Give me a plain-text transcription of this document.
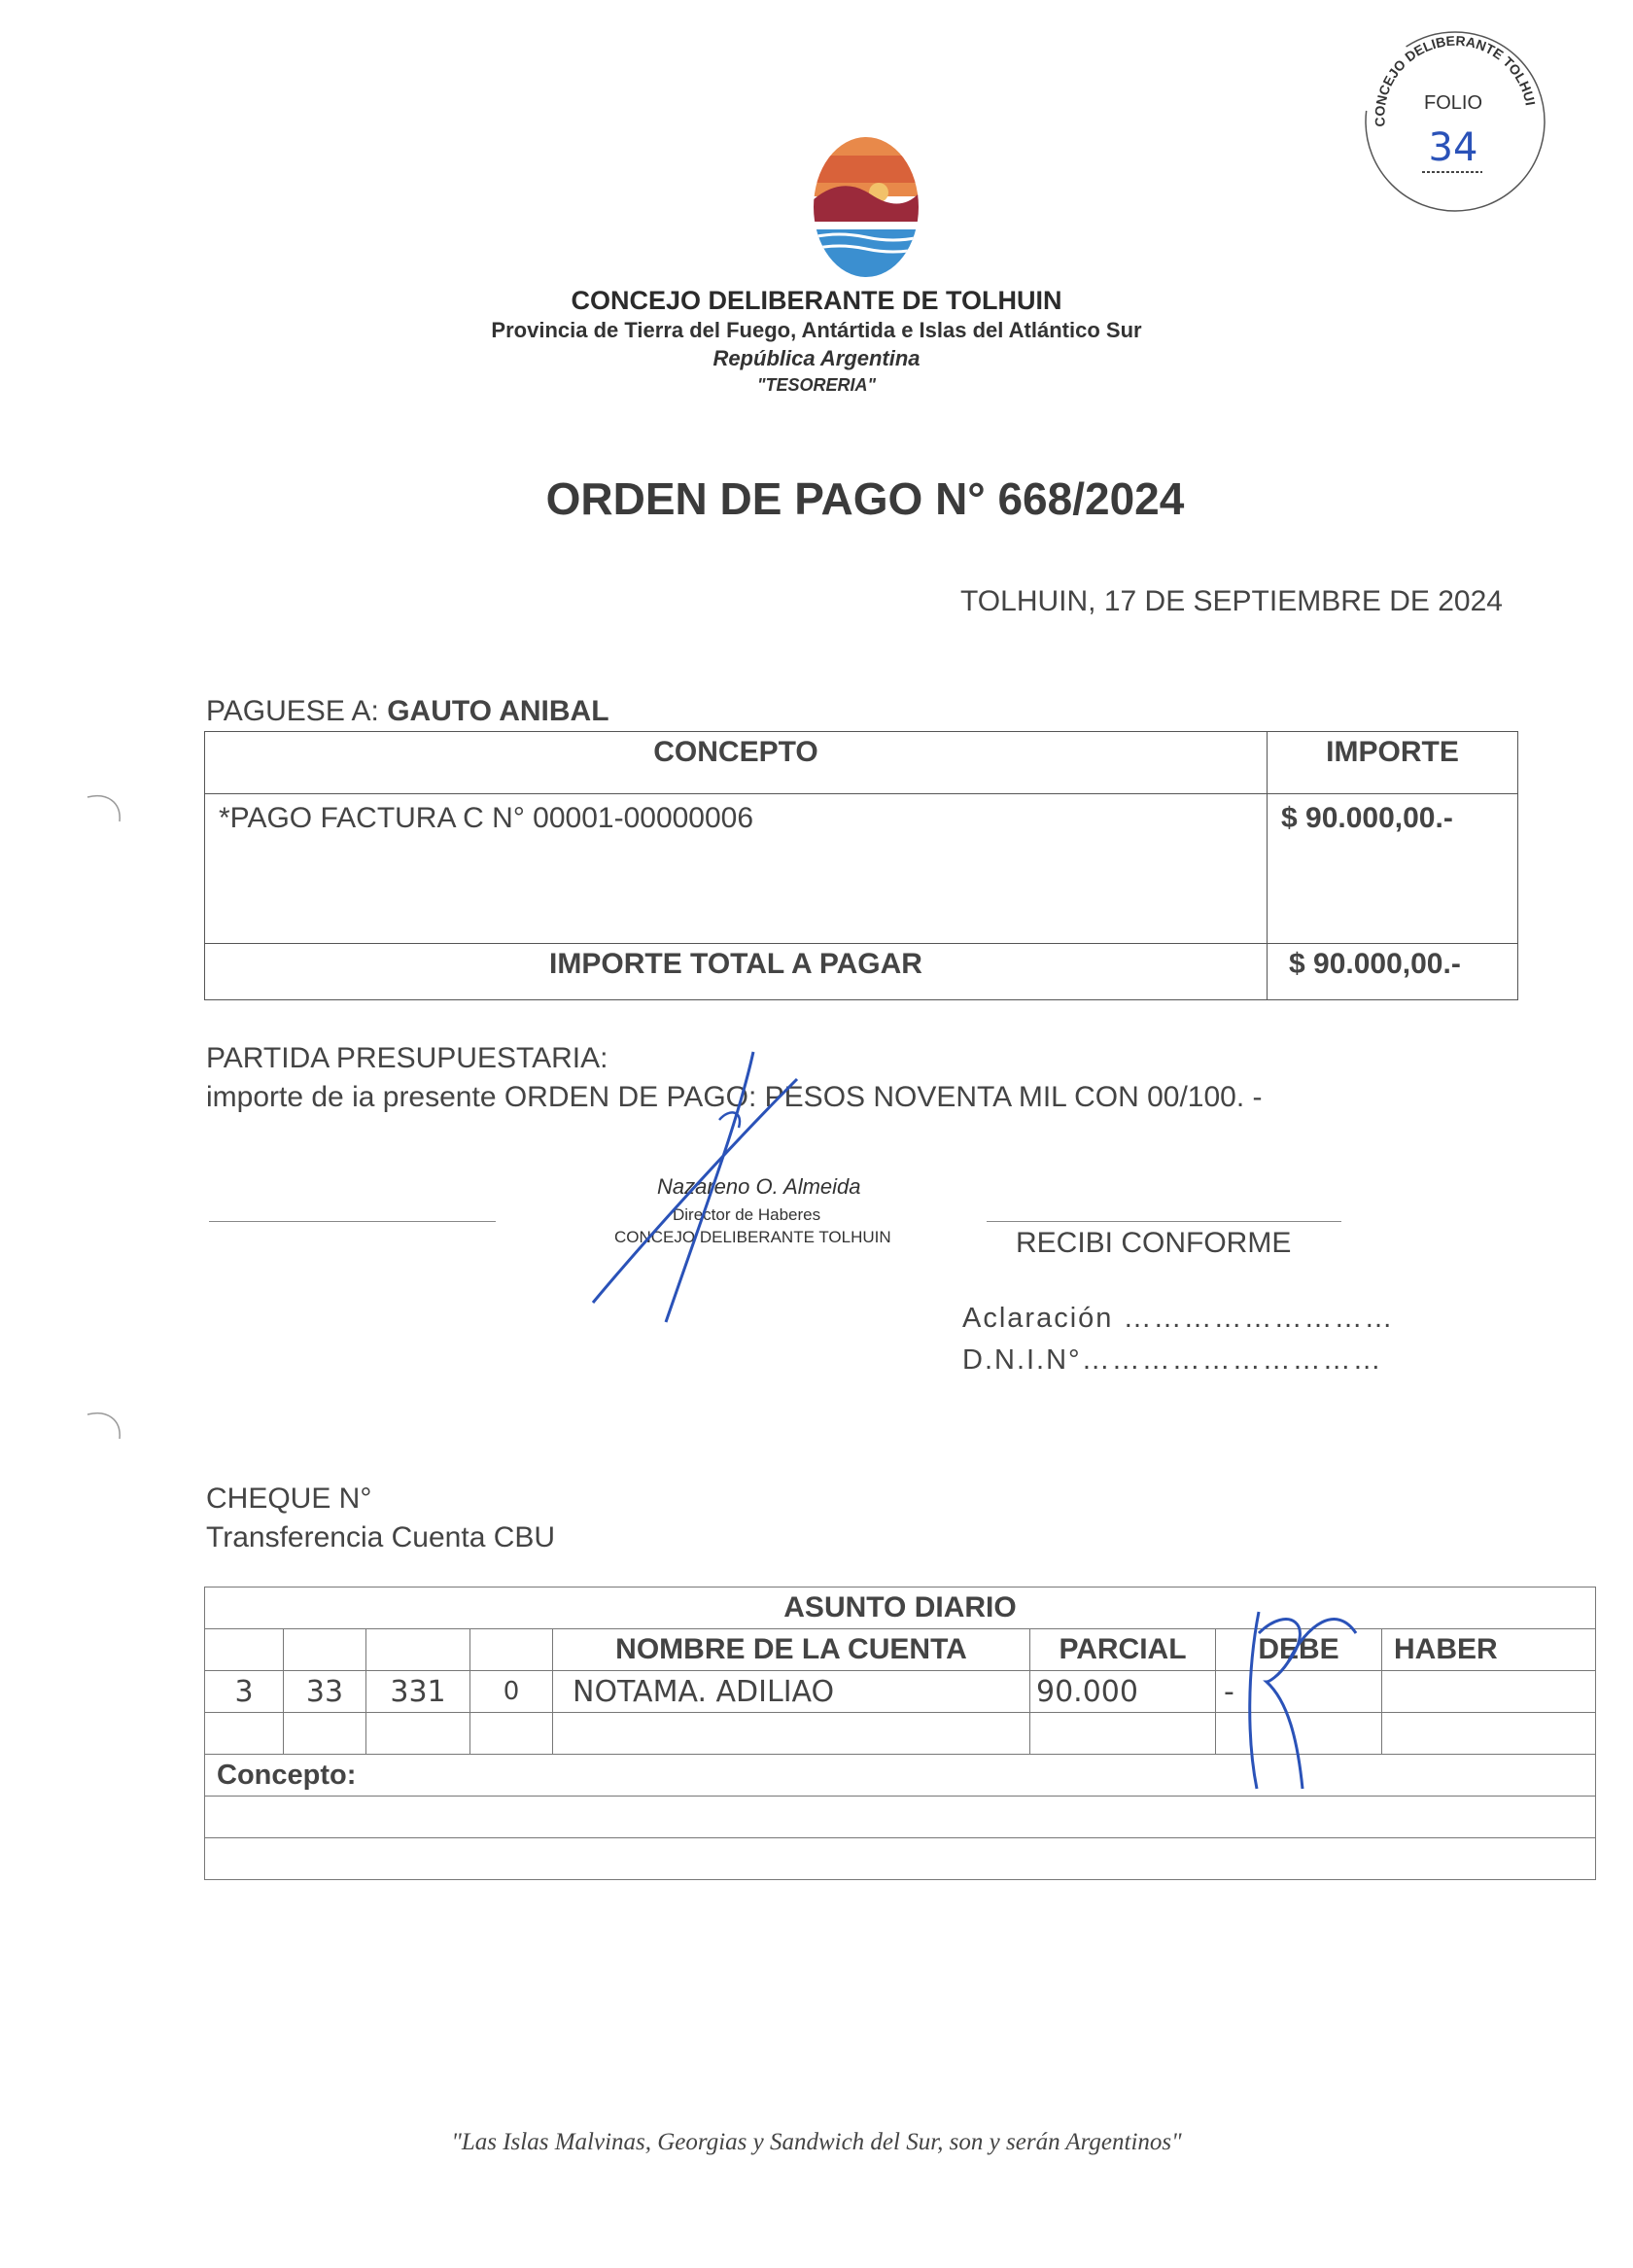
CONCEJO DELIBERANTE TOLHUI
FOLIO
34
CONCEJO DELIBERANTE DE TOLHUIN
Provincia de Tierra del Fuego, Antártida e Islas del Atlántico Sur
República Argentina
"TESORERIA"
ORDEN DE PAGO N° 668/2024
TOLHUIN, 17 DE SEPTIEMBRE DE 2024
PAGUESE A: GAUTO ANIBAL
CONCEPTO	IMPORTE
*PAGO FACTURA C N° 00001-00000006	$ 90.000,00.-
IMPORTE TOTAL A PAGAR	$ 90.000,00.-
PARTIDA PRESUPUESTARIA:
importe de ia presente ORDEN DE PAGO: PESOS NOVENTA MIL CON 00/100. -
Nazareno O. Almeida
Director de Haberes
CONCEJO DELIBERANTE TOLHUIN	RECIBI CONFORME
Aclaración ………………………
D.N.I.N°…………………………
CHEQUE N°
Transferencia Cuenta CBU
ASUNTO DIARIO							
				NOMBRE DE LA CUENTA	PARCIAL	DEBE	HABER
3	33	331	0	NOTAMA. ADILIAO	90.000	-	

Concepto:							

"Las Islas Malvinas, Georgias y Sandwich del Sur, son y serán Argentinos"
